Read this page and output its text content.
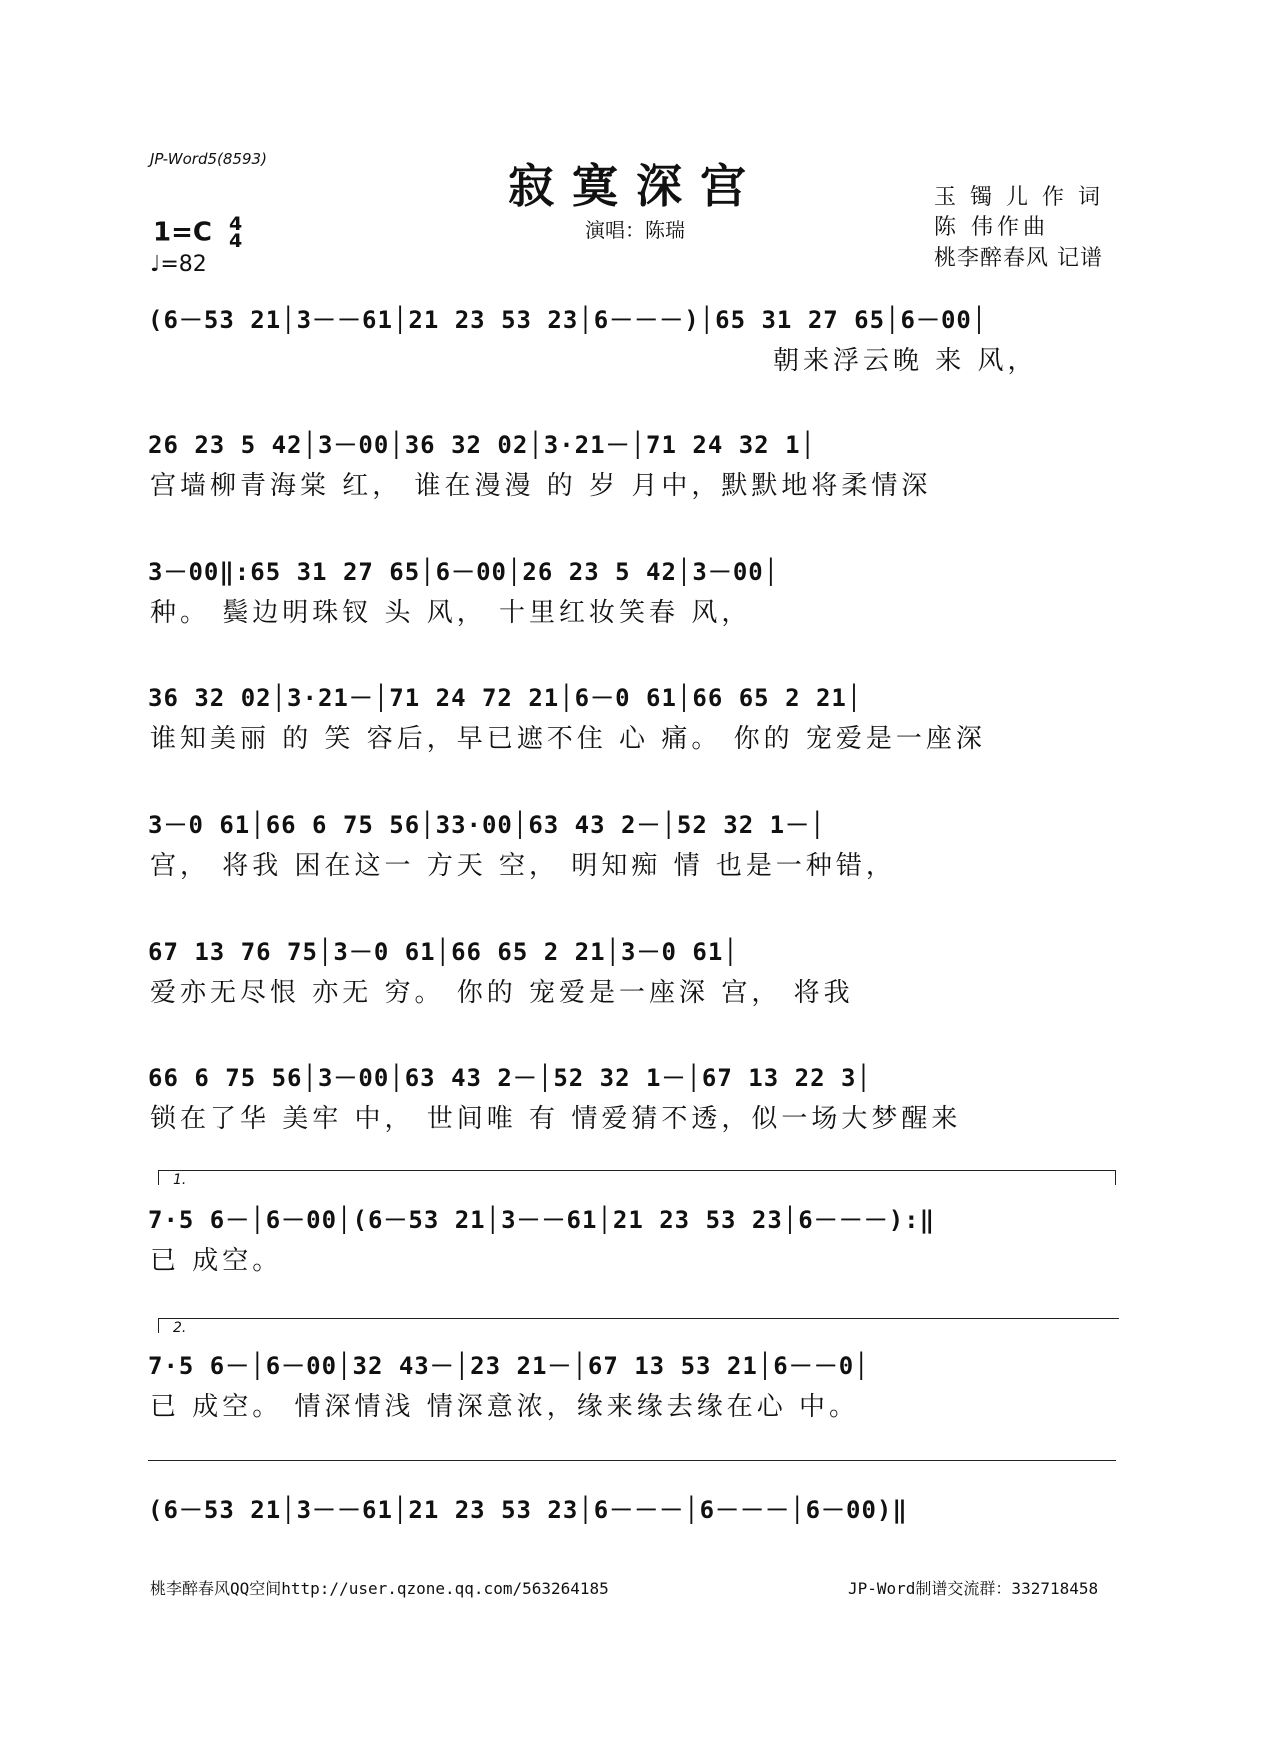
JP-Word5(8593)	寂寞深宫
演唱：陈瑞
玉镯儿作词
陈 伟作曲
桃李醉春风 记谱
1=C 4
4
♩=82
(6－53 21│3－－61│21 23 53 23│6－－－)│65 31 27 65│6－00│
朝来浮云晚 来 风，
26 23 5 42│3－00│36 32 02│3·21－│71 24 32 1│
宫墙柳青海棠 红， 谁在漫漫 的 岁 月中，默默地将柔情深
3－00‖:65 31 27 65│6－00│26 23 5 42│3－00│
种。 鬓边明珠钗 头 风， 十里红妆笑春 风，
36 32 02│3·21－│71 24 72 21│6－0 61│66 65 2 21│
谁知美丽 的 笑 容后，早已遮不住 心 痛。 你的 宠爱是一座深
3－0 61│66 6 75 56│33·00│63 43 2－│52 32 1－│
宫， 将我 困在这一 方天 空， 明知痴 情 也是一种错，
67 13 76 75│3－0 61│66 65 2 21│3－0 61│
爱亦无尽恨 亦无 穷。 你的 宠爱是一座深 宫， 将我
66 6 75 56│3－00│63 43 2－│52 32 1－│67 13 22 3│
锁在了华 美牢 中， 世间唯 有 情爱猜不透，似一场大梦醒来
1.
7·5 6－│6－00│(6－53 21│3－－61│21 23 53 23│6－－－):‖
已 成空。
2.
7·5 6－│6－00│32 43－│23 21－│67 13 53 21│6－－0│
已 成空。 情深情浅 情深意浓，缘来缘去缘在心 中。
(6－53 21│3－－61│21 23 53 23│6－－－│6－－－│6－00)‖
桃李醉春风QQ空间http://user.qzone.qq.com/563264185	JP-Word制谱交流群：332718458
